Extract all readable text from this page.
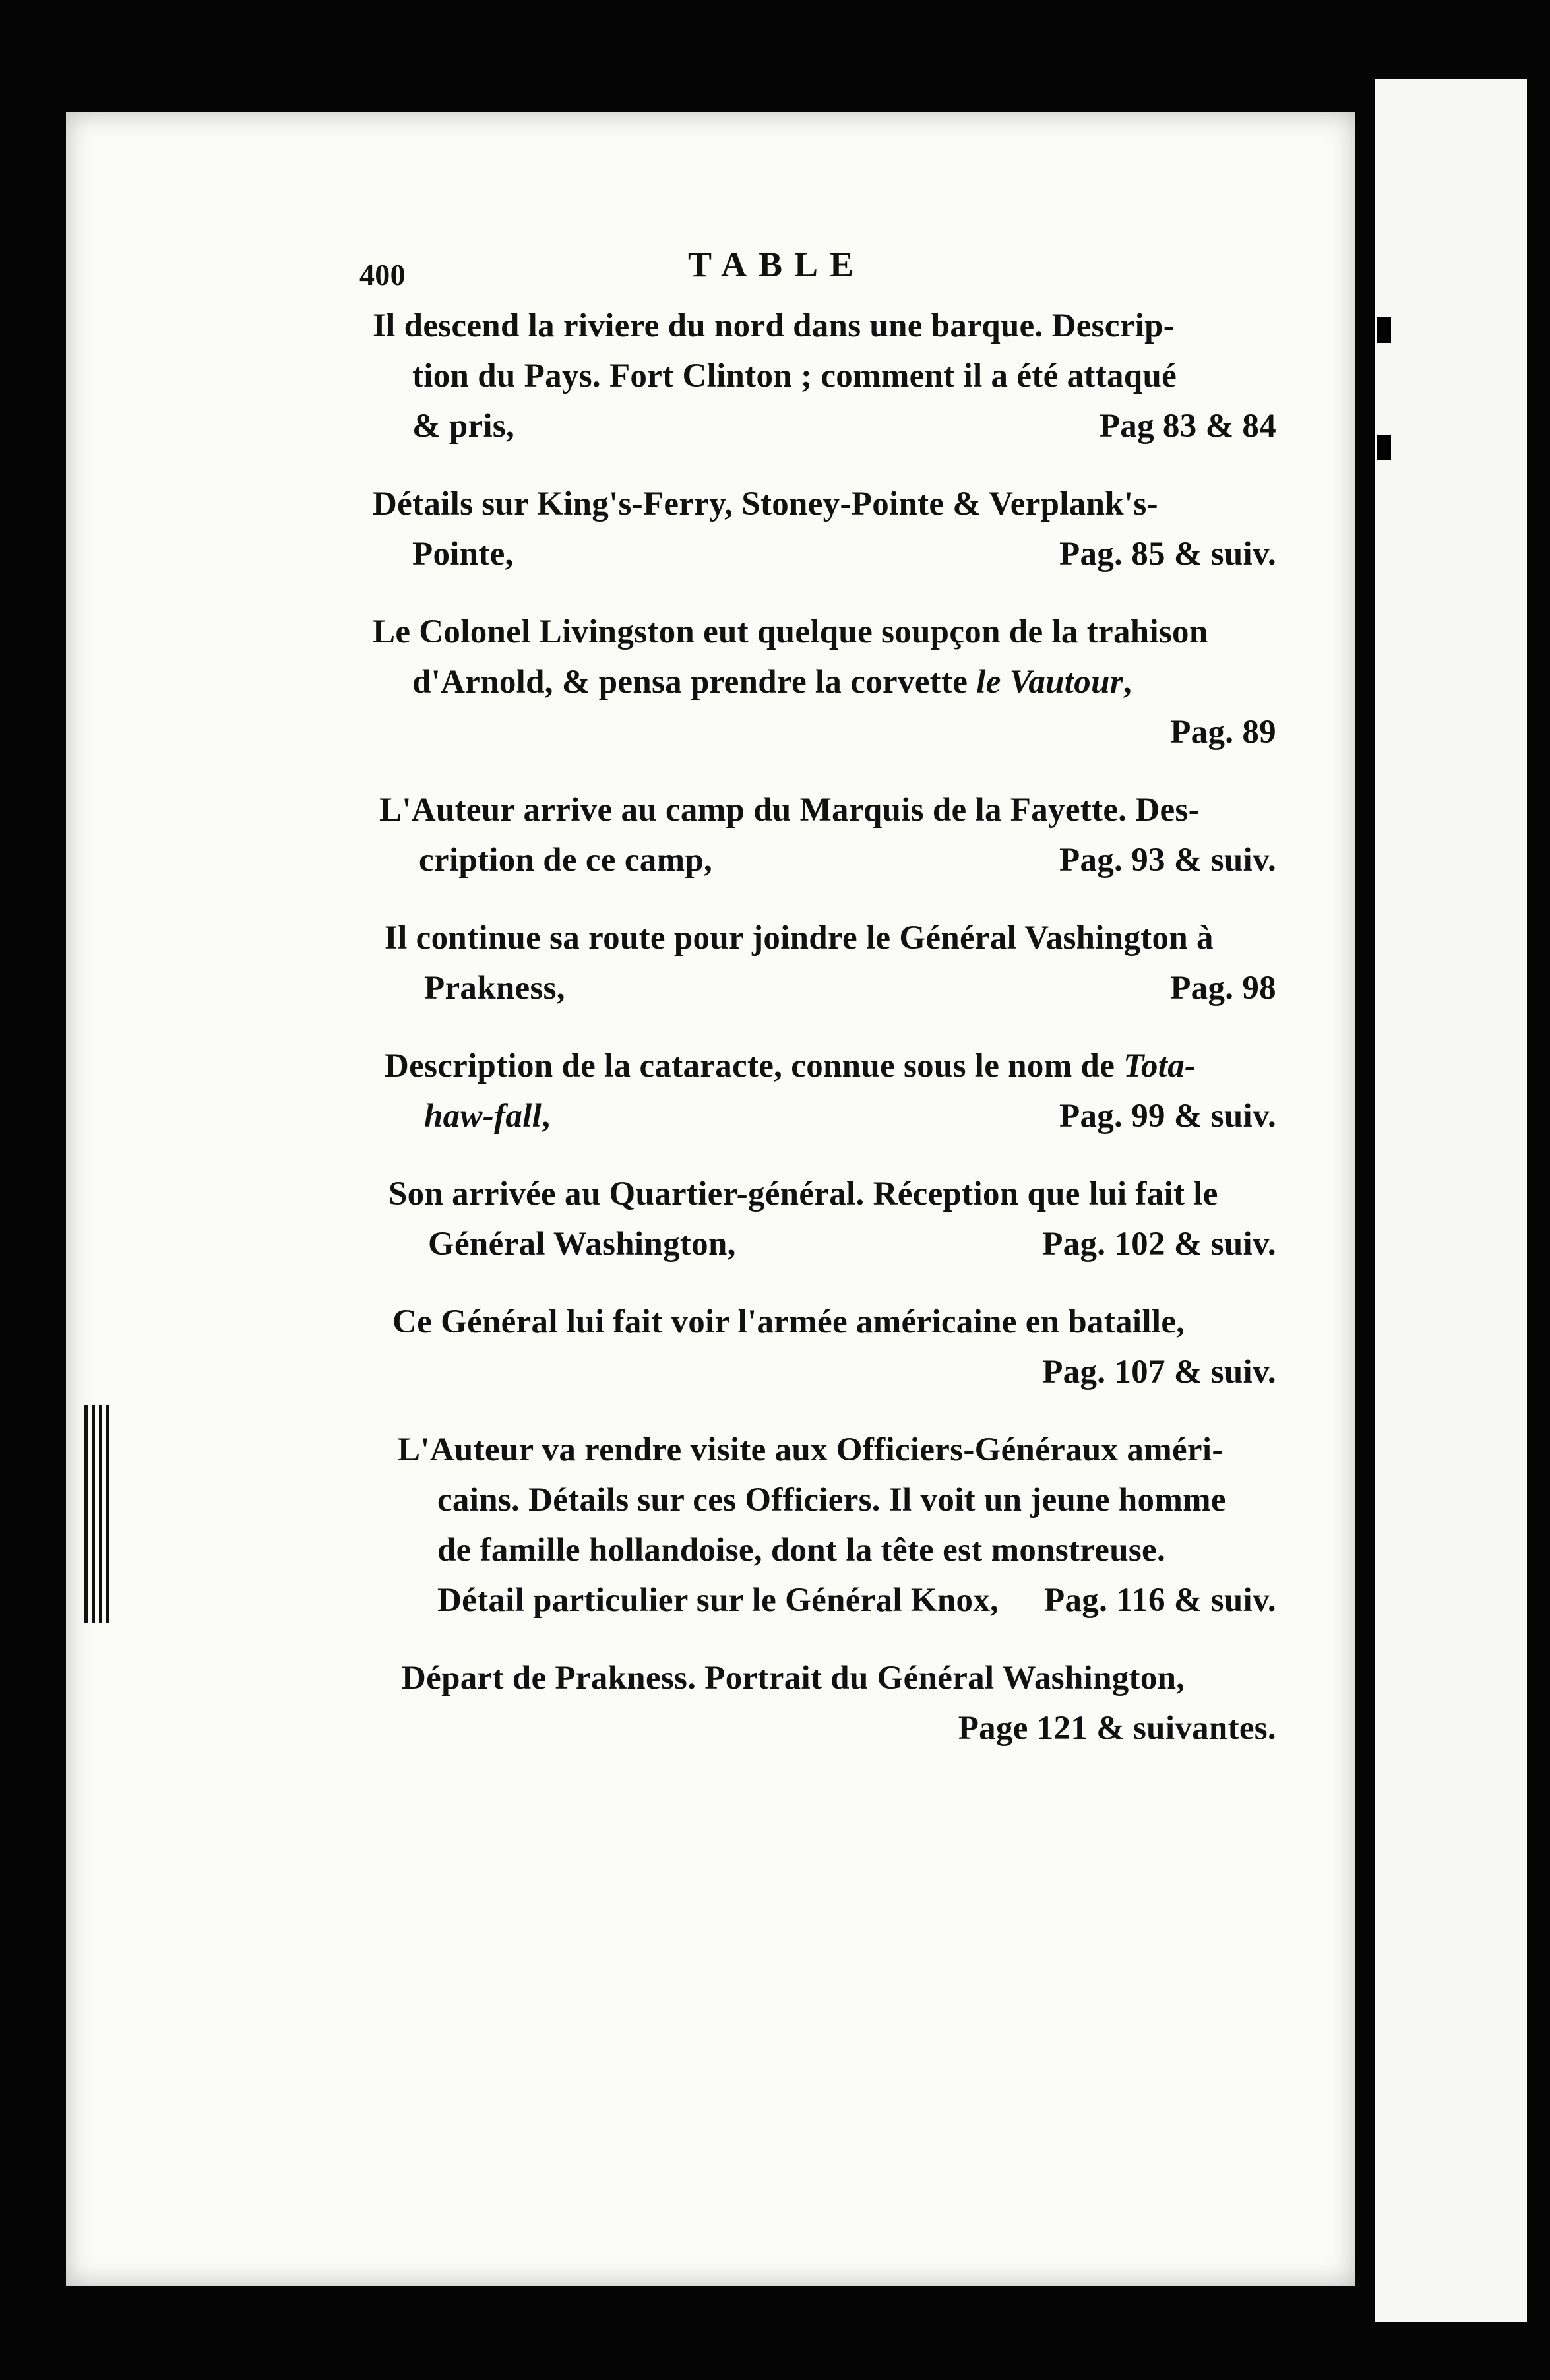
400	TABLE
Il descend la riviere du nord dans une barque. Descrip-
tion du Pays. Fort Clinton ; comment il a été attaqué
& pris,	Pag 83 & 84
Détails sur King's-Ferry, Stoney-Pointe & Verplank's-
Pointe,	Pag. 85 & suiv.
Le Colonel Livingston eut quelque soupçon de la trahison
d'Arnold, & pensa prendre la corvette le Vautour,
Pag. 89
L'Auteur arrive au camp du Marquis de la Fayette. Des-
cription de ce camp,	Pag. 93 & suiv.
Il continue sa route pour joindre le Général Vashington à
Prakness,	Pag. 98
Description de la cataracte, connue sous le nom de Tota-
haw-fall,	Pag. 99 & suiv.
Son arrivée au Quartier-général. Réception que lui fait le
Général Washington,	Pag. 102 & suiv.
Ce Général lui fait voir l'armée américaine en bataille,
Pag. 107 & suiv.
L'Auteur va rendre visite aux Officiers-Généraux améri-
cains. Détails sur ces Officiers. Il voit un jeune homme
de famille hollandoise, dont la tête est monstreuse.
Détail particulier sur le Général Knox,	Pag. 116 & suiv.
Départ de Prakness. Portrait du Général Washington,
Page 121 & suivantes.
